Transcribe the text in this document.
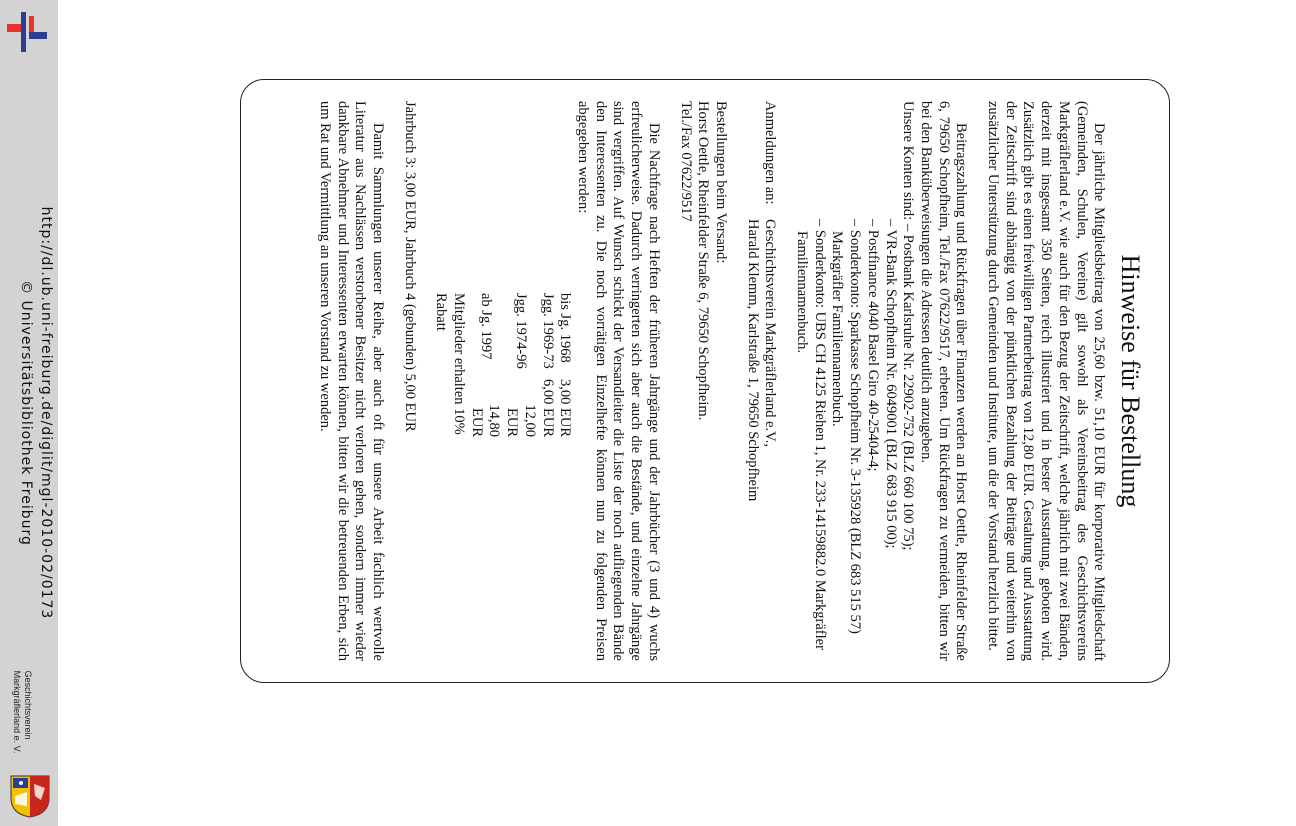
http://dl.ub.uni-freiburg.de/diglit/mgl-2010-02/0173
© Universitätsbibliothek Freiburg
Geschichtsverein
Markgräflerland e. V.
Hinweise für Bestellung

Der jährliche Mitgliedsbeitrag von 25,60 bzw. 51,10 EUR für korporative Mitgliedschaft (Gemeinden, Schulen, Vereine) gilt sowohl als Vereinsbeitrag des Geschichtsvereins Markgräflerland e.V. wie auch für den Bezug der Zeitschrift, welche jährlich mit zwei Bänden, derzeit mit insgesamt 350 Seiten, reich illustriert und in bester Ausstattung, geboten wird. Zusätzlich gibt es einen freiwilligen Partnerbeitrag von 12,80 EUR. Gestaltung und Ausstattung der Zeitschrift sind abhängig von der pünktlichen Bezahlung der Beiträge und weiterhin von zusätzlicher Unterstützung durch Gemeinden und Institute, um die der Vorstand herzlich bittet.

Beitragszahlung und Rückfragen über Finanzen werden an Horst Oettle, Rheinfelder Straße 6, 79650 Schopfheim, Tel./Fax 07622/9517, erbeten. Um Rückfragen zu vermeiden, bitten wir bei den Banküberweisungen die Adressen deutlich anzugeben.

Unsere Konten sind: – Postbank Karlsruhe Nr. 22902-752 (BLZ 660 100 75);

– VR-Bank Schopfheim Nr. 6049001 (BLZ 683 915 00);
– Postfinance 4040 Basel Giro 40-25404-4;
– Sonderkonto: Sparkasse Schopfheim Nr. 3-135928 (BLZ 683 515 57) Markgräfler Familiennamenbuch.
– Sonderkonto: UBS CH 4125 Riehen 1, Nr. 233-14159882.0 Markgräfler Familiennamenbuch.
Anmeldungen an:
Geschichtsverein Markgräflerland e.V.,
Harald Klemm, Karlstraße 1, 79650 Schopfheim
Bestellungen beim Versand:
Horst Oettle, Rheinfelder Straße 6, 79650 Schopfheim.
Tel./Fax 07622/9517

Die Nachfrage nach Heften der früheren Jahrgänge und der Jahrbücher (3 und 4) wuchs erfreulicherweise. Dadurch verringerten sich aber auch die Bestände, und einzelne Jahrgänge sind vergriffen. Auf Wunsch schickt der Versandleiter die Liste der noch aufliegenden Bände den Interessenten zu. Die noch vorrätigen Einzelhefte können nun zu folgenden Preisen abgegeben werden:

bis Jg. 1968	3,00 EUR
Jgg. 1969-73	6,00 EUR
Jgg. 1974-96	12,00 EUR
ab Jg. 1997	14,80 EUR
Mitglieder erhalten 10% Rabatt	

Jahrbuch 3: 3,00 EUR, Jahrbuch 4 (gebunden) 5,00 EUR

Damit Sammlungen unserer Reihe, aber auch oft für unsere Arbeit fachlich wertvolle Literatur aus Nachlässen verstorbener Besitzer nicht verloren gehen, sondern immer wieder dankbare Abnehmer und Interessenten erwarten können, bitten wir die betreuenden Erben, sich um Rat und Vermittlung an unseren Vorstand zu wenden.
